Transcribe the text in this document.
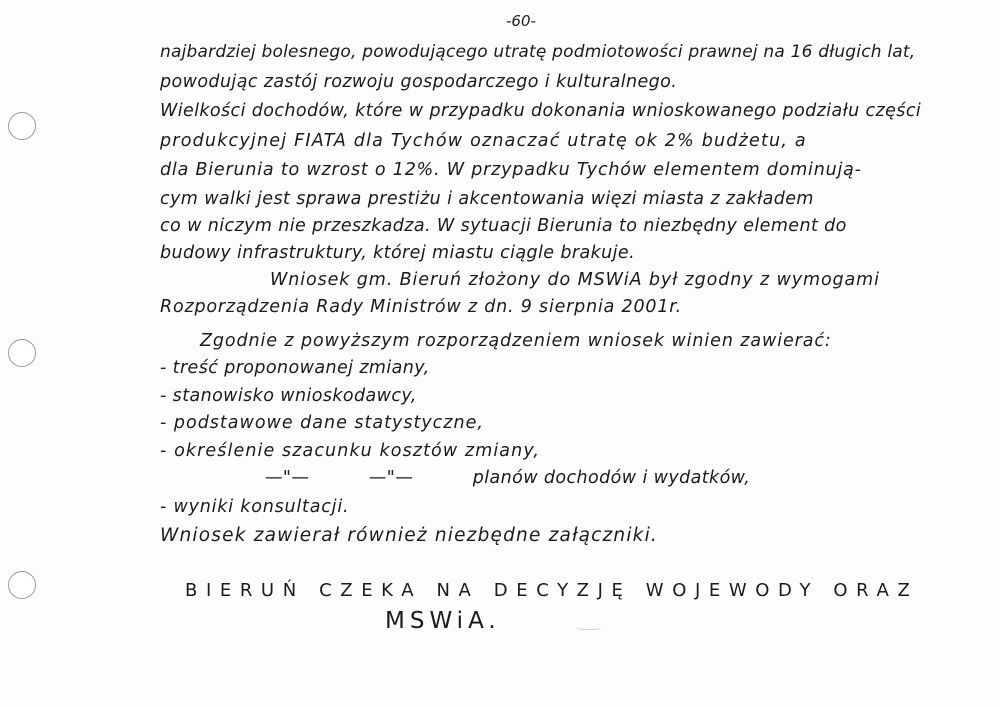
-60-
najbardziej bolesnego, powodującego utratę podmiotowości prawnej na 16 długich lat,
powodując zastój rozwoju gospodarczego i kulturalnego.
Wielkości dochodów, które w przypadku dokonania wnioskowanego podziału części
produkcyjnej FIATA dla Tychów oznaczać utratę ok 2% budżetu, a
dla Bierunia to wzrost o 12%. W przypadku Tychów elementem dominują-
cym walki jest sprawa prestiżu i akcentowania więzi miasta z zakładem
co w niczym nie przeszkadza. W sytuacji Bierunia to niezbędny element do
budowy infrastruktury, której miastu ciągle brakuje.
Wniosek gm. Bieruń złożony do MSWiA był zgodny z wymogami
Rozporządzenia Rady Ministrów z dn. 9 sierpnia 2001r.
Zgodnie z powyższym rozporządzeniem wniosek winien zawierać:
- treść proponowanej zmiany,
- stanowisko wnioskodawcy,
- podstawowe dane statystyczne,
- określenie szacunku kosztów zmiany,
—"—          —"—          planów dochodów i wydatków,
- wyniki konsultacji.
Wniosek zawierał również niezbędne załączniki.
BIERUŃ CZEKA NA DECYZJĘ WOJEWODY ORAZ
MSWiA.
